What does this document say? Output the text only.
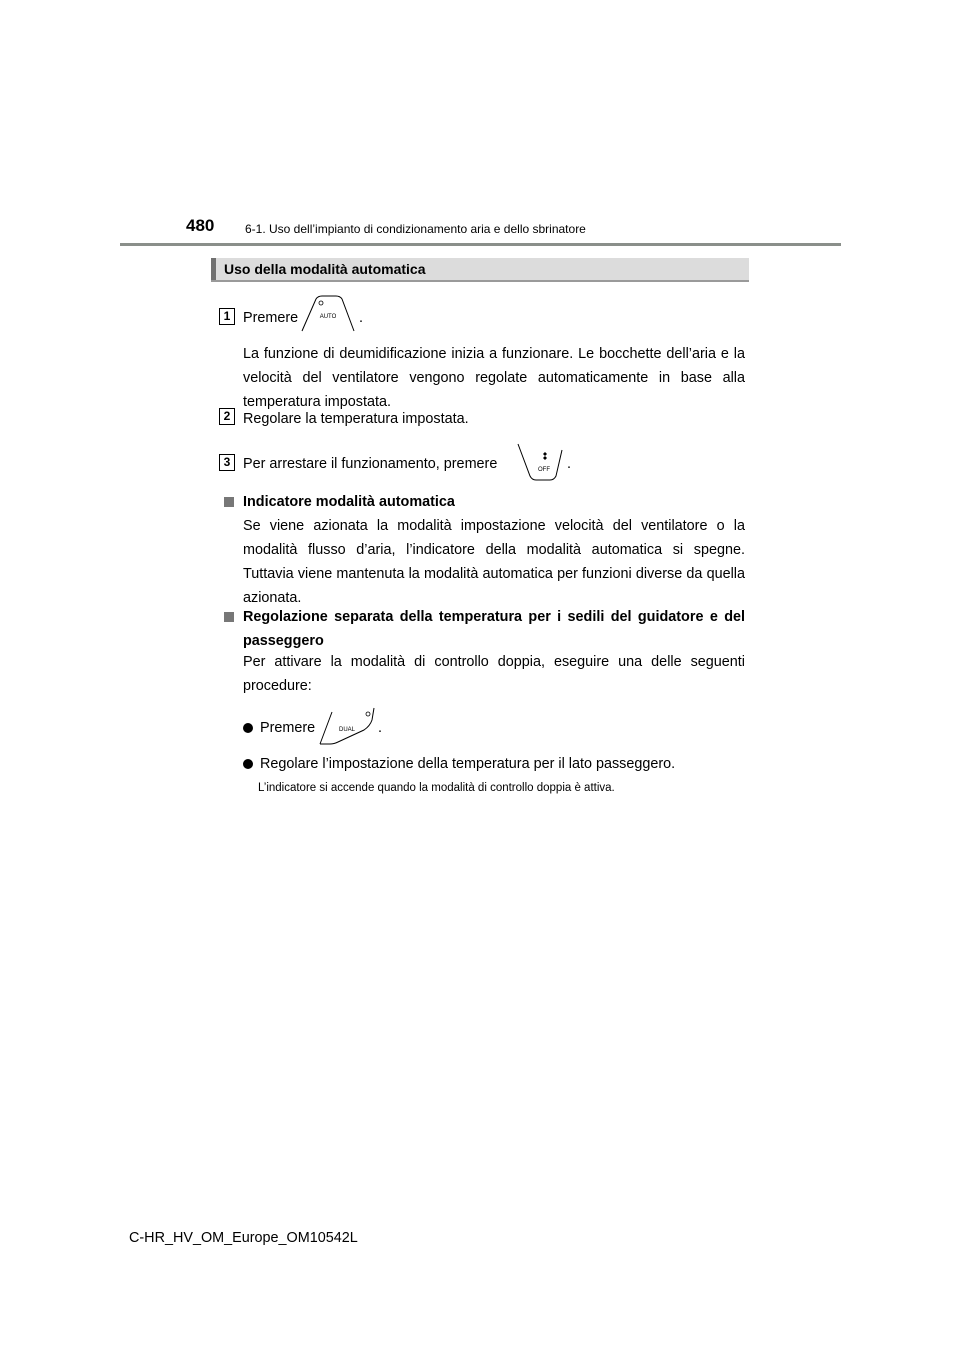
480	6-1. Uso dell’impianto di condizionamento aria e dello sbrinatore
Uso della modalità automatica
1 Premere	AUTO .
La funzione di deumidificazione inizia a funzionare. Le bocchette dell’aria e la velocità del ventilatore vengono regolate automaticamente in base alla temperatura impostata.
2 Regolare la temperatura impostata.
3 Per arrestare il funzionamento, premere	OFF .
Indicatore modalità automatica
Se viene azionata la modalità impostazione velocità del ventilatore o la modalità flusso d’aria, l’indicatore della modalità automatica si spegne. Tuttavia viene mantenuta la modalità automatica per funzioni diverse da quella azionata.
Regolazione separata della temperatura per i sedili del guidatore e del passeggero
Per attivare la modalità di controllo doppia, eseguire una delle seguenti procedure:
Premere	DUAL .
Regolare l’impostazione della temperatura per il lato passeggero.
L’indicatore si accende quando la modalità di controllo doppia è attiva.
C-HR_HV_OM_Europe_OM10542L
